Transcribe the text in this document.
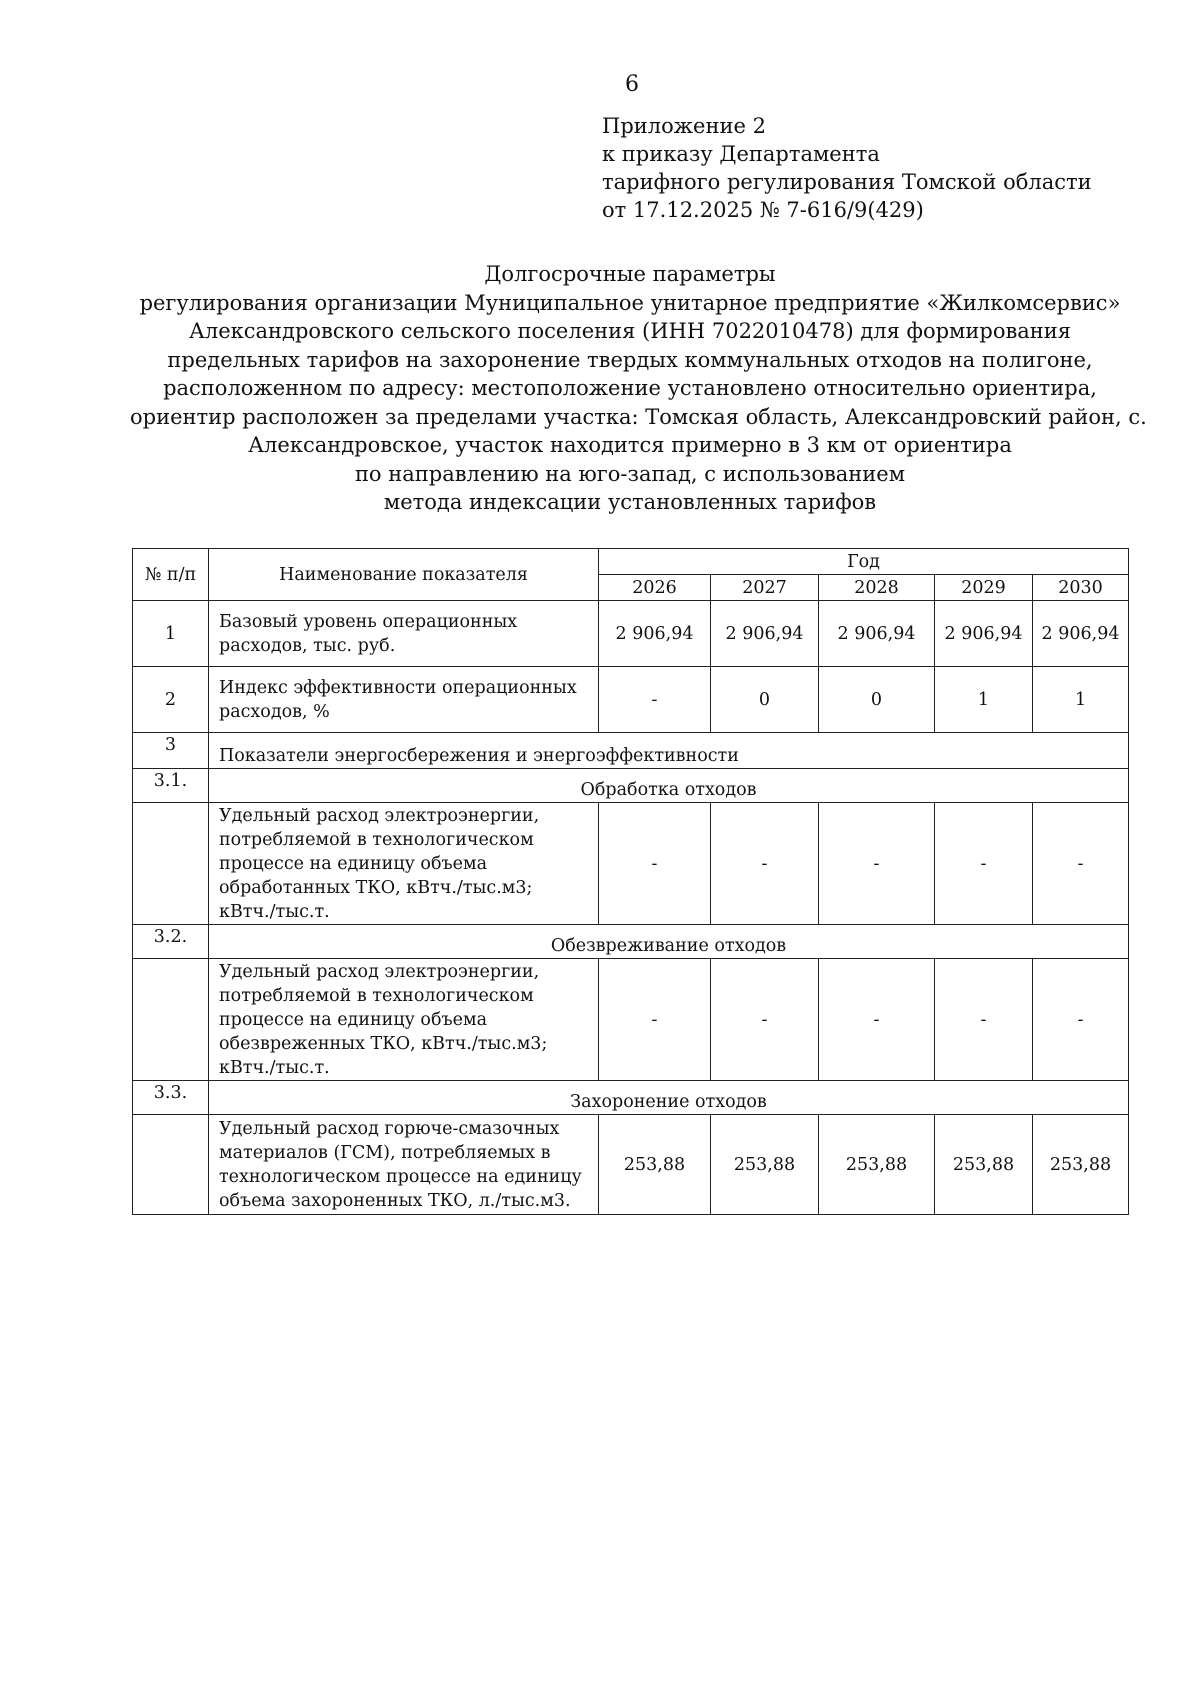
6
Приложение 2
к приказу Департамента
тарифного регулирования Томской области
от 17.12.2025 № 7-616/9(429)
Долгосрочные параметры
регулирования организации Муниципальное унитарное предприятие «Жилкомсервис»
Александровского сельского поселения (ИНН 7022010478) для формирования
предельных тарифов на захоронение твердых коммунальных отходов на полигоне,
расположенном по адресу: местоположение установлено относительно ориентира,
ориентир расположен за пределами участка: Томская область, Александровский район, с.
Александровское, участок находится примерно в 3 км от ориентира
по направлению на юго-запад, с использованием
метода индексации установленных тарифов
№ п/п	Наименование показателя	Год				
		2026	2027	2028	2029	2030
1	Базовый уровень операционных расходов, тыс. руб.	2 906,94	2 906,94	2 906,94	2 906,94	2 906,94
2	Индекс эффективности операционных расходов, %	-	0	0	1	1
3	Показатели энергосбережения и энергоэффективности					
3.1.	Обработка отходов					
	Удельный расход электроэнергии, потребляемой в технологическом процессе на единицу объема обработанных ТКО, кВтч./тыс.м3; кВтч./тыс.т.	-	-	-	-	-
3.2.	Обезвреживание отходов					
	Удельный расход электроэнергии, потребляемой в технологическом процессе на единицу объема обезвреженных ТКО, кВтч./тыс.м3; кВтч./тыс.т.	-	-	-	-	-
3.3.	Захоронение отходов					
	Удельный расход горюче-смазочных материалов (ГСМ), потребляемых в технологическом процессе на единицу объема захороненных ТКО, л./тыс.м3.	253,88	253,88	253,88	253,88	253,88
